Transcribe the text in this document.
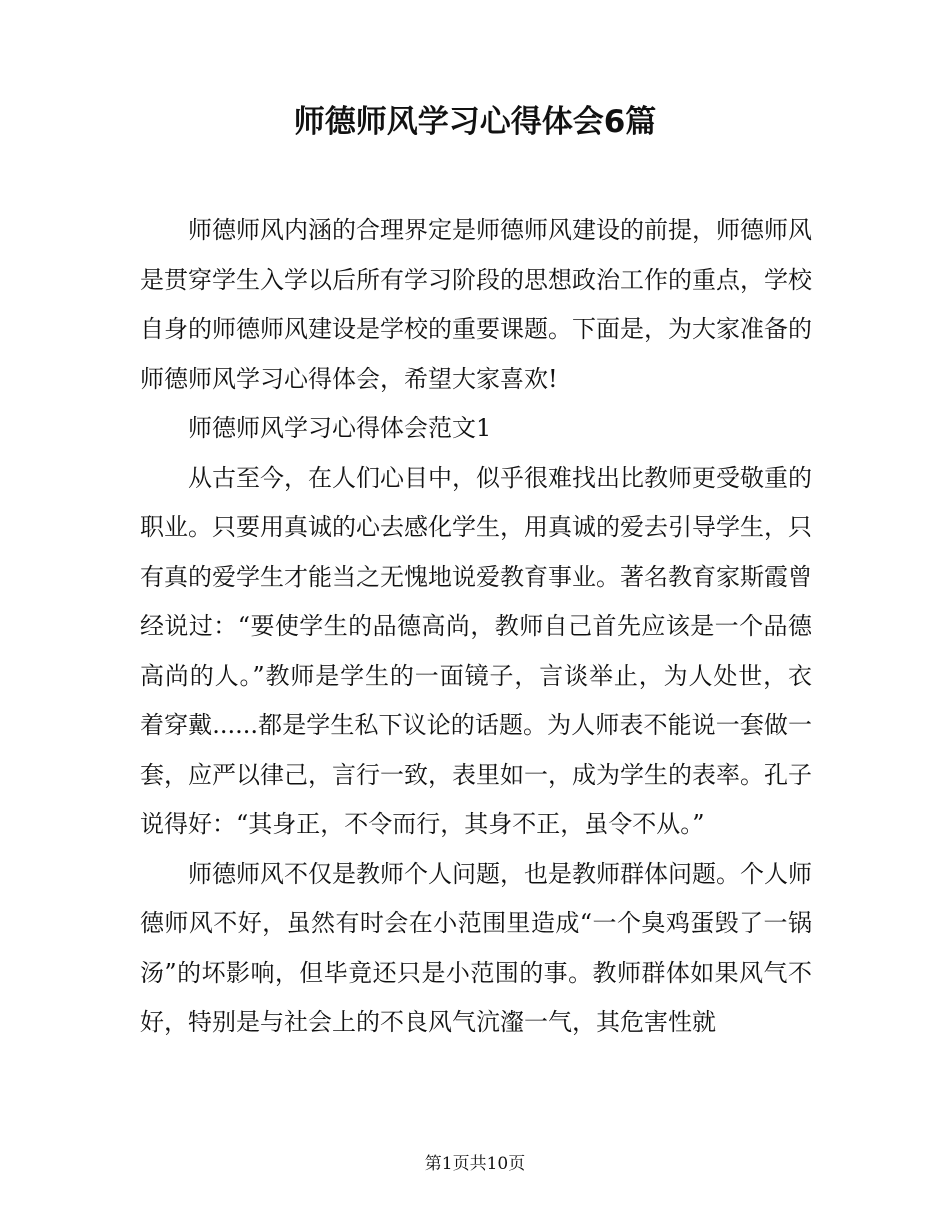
师德师风学习心得体会6篇

师德师风内涵的合理界定是师德师风建设的前提，师德师风是贯穿学生入学以后所有学习阶段的思想政治工作的重点，学校自身的师德师风建设是学校的重要课题。下面是，为大家准备的师德师风学习心得体会，希望大家喜欢!

师德师风学习心得体会范文1

从古至今，在人们心目中，似乎很难找出比教师更受敬重的职业。只要用真诚的心去感化学生，用真诚的爱去引导学生，只有真的爱学生才能当之无愧地说爱教育事业。著名教育家斯霞曾经说过：“要使学生的品德高尚，教师自己首先应该是一个品德高尚的人。”教师是学生的一面镜子，言谈举止，为人处世，衣着穿戴......都是学生私下议论的话题。为人师表不能说一套做一套，应严以律己，言行一致，表里如一，成为学生的表率。孔子说得好：“其身正，不令而行，其身不正，虽令不从。”

师德师风不仅是教师个人问题，也是教师群体问题。个人师德师风不好，虽然有时会在小范围里造成“一个臭鸡蛋毁了一锅汤”的坏影响，但毕竟还只是小范围的事。教师群体如果风气不好，特别是与社会上的不良风气沆瀣一气，其危害性就

第1页共10页
